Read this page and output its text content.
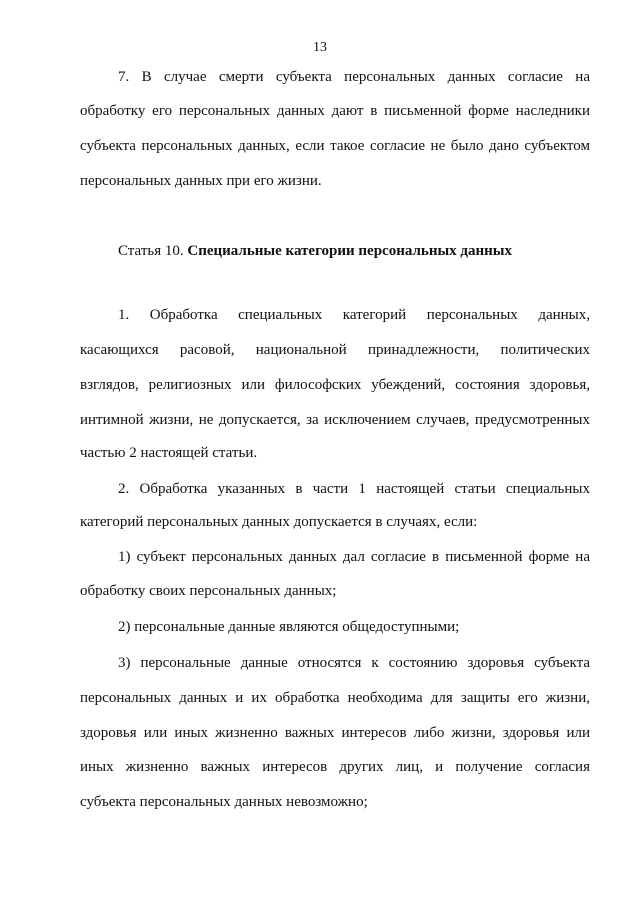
13
7. В случае смерти субъекта персональных данных согласие на
обработку его персональных данных дают в письменной форме наследники
субъекта персональных данных, если такое согласие не было дано субъектом
персональных данных при его жизни.
Статья 10. Специальные категории персональных данных
1. Обработка специальных категорий персональных данных,
касающихся расовой, национальной принадлежности, политических
взглядов, религиозных или философских убеждений, состояния здоровья,
интимной жизни, не допускается, за исключением случаев, предусмотренных
частью 2 настоящей статьи.
2. Обработка указанных в части 1 настоящей статьи специальных
категорий персональных данных допускается в случаях, если:
1) субъект персональных данных дал согласие в письменной форме на
обработку своих персональных данных;
2) персональные данные являются общедоступными;
3) персональные данные относятся к состоянию здоровья субъекта
персональных данных и их обработка необходима для защиты его жизни,
здоровья или иных жизненно важных интересов либо жизни, здоровья или
иных жизненно важных интересов других лиц, и получение согласия
субъекта персональных данных невозможно;
